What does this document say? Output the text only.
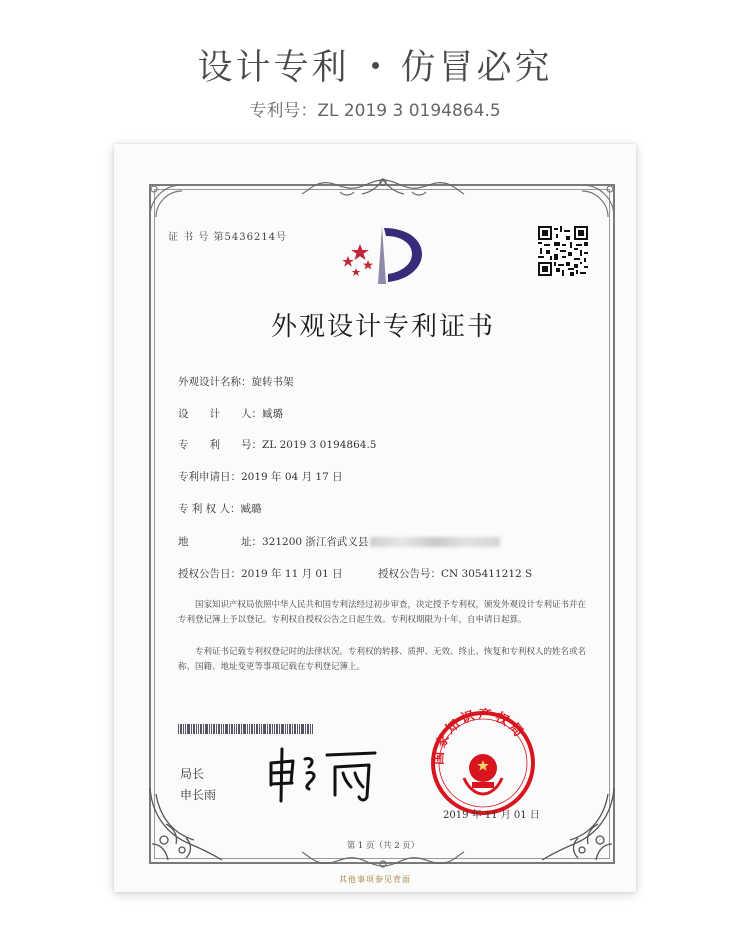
设计专利 仿冒必究
专利号：ZL 2019 3 0194864.5
证 书 号 第5436214号
外观设计专利证书
外观设计名称：旋转书架
设　　计　　人：臧璐
专　　利　　号：ZL 2019 3 0194864.5
专利申请日：2019 年 04 月 17 日
专 利 权 人：臧璐
地　　　　　址：321200 浙江省武义县
授权公告日：2019 年 11 月 01 日	授权公告号：CN 305411212 S
　　国家知识产权局依照中华人民共和国专利法经过初步审查，决定授予专利权，颁发外观设计专利证书并在专利登记簿上予以登记。专利权自授权公告之日起生效。专利权期限为十年，自申请日起算。
　　专利证书记载专利权登记时的法律状况。专利权的转移、质押、无效、终止、恢复和专利权人的姓名或名称、国籍、地址变更等事项记载在专利登记簿上。
局长
申长雨
国家知识产权局
2019 年 11 月 01 日
第 1 页（共 2 页）
其他事项参见背面
